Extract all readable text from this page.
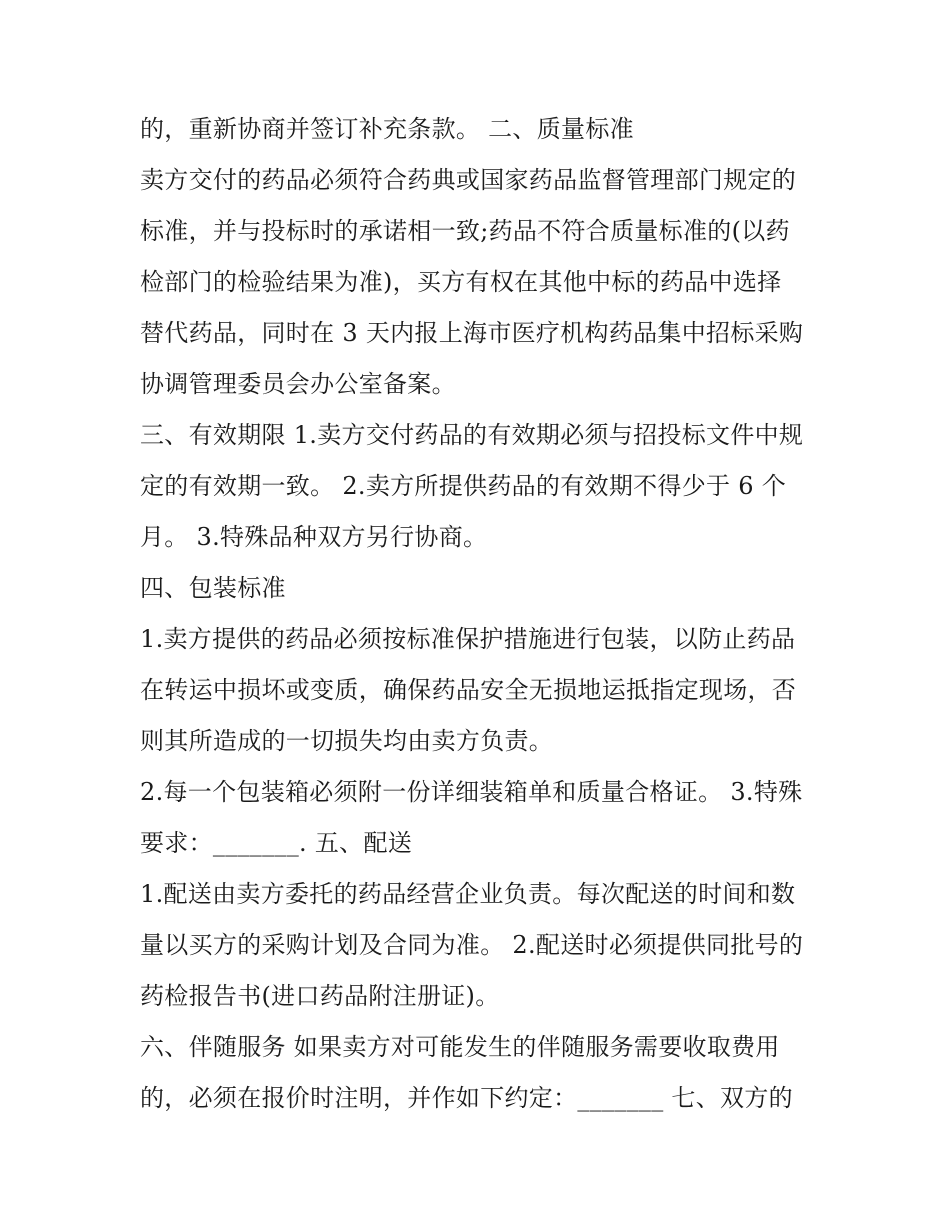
的，重新协商并签订补充条款。 二、质量标准
卖方交付的药品必须符合药典或国家药品监督管理部门规定的
标准，并与投标时的承诺相一致;药品不符合质量标准的(以药
检部门的检验结果为准)，买方有权在其他中标的药品中选择
替代药品，同时在 3 天内报上海市医疗机构药品集中招标采购
协调管理委员会办公室备案。
三、有效期限 1.卖方交付药品的有效期必须与招投标文件中规
定的有效期一致。 2.卖方所提供药品的有效期不得少于 6 个
月。 3.特殊品种双方另行协商。
四、包装标准
1.卖方提供的药品必须按标准保护措施进行包装，以防止药品
在转运中损坏或变质，确保药品安全无损地运抵指定现场，否
则其所造成的一切损失均由卖方负责。
2.每一个包装箱必须附一份详细装箱单和质量合格证。 3.特殊
要求：_______. 五、配送
1.配送由卖方委托的药品经营企业负责。每次配送的时间和数
量以买方的采购计划及合同为准。 2.配送时必须提供同批号的
药检报告书(进口药品附注册证)。
六、伴随服务 如果卖方对可能发生的伴随服务需要收取费用
的，必须在报价时注明，并作如下约定：_______ 七、双方的
